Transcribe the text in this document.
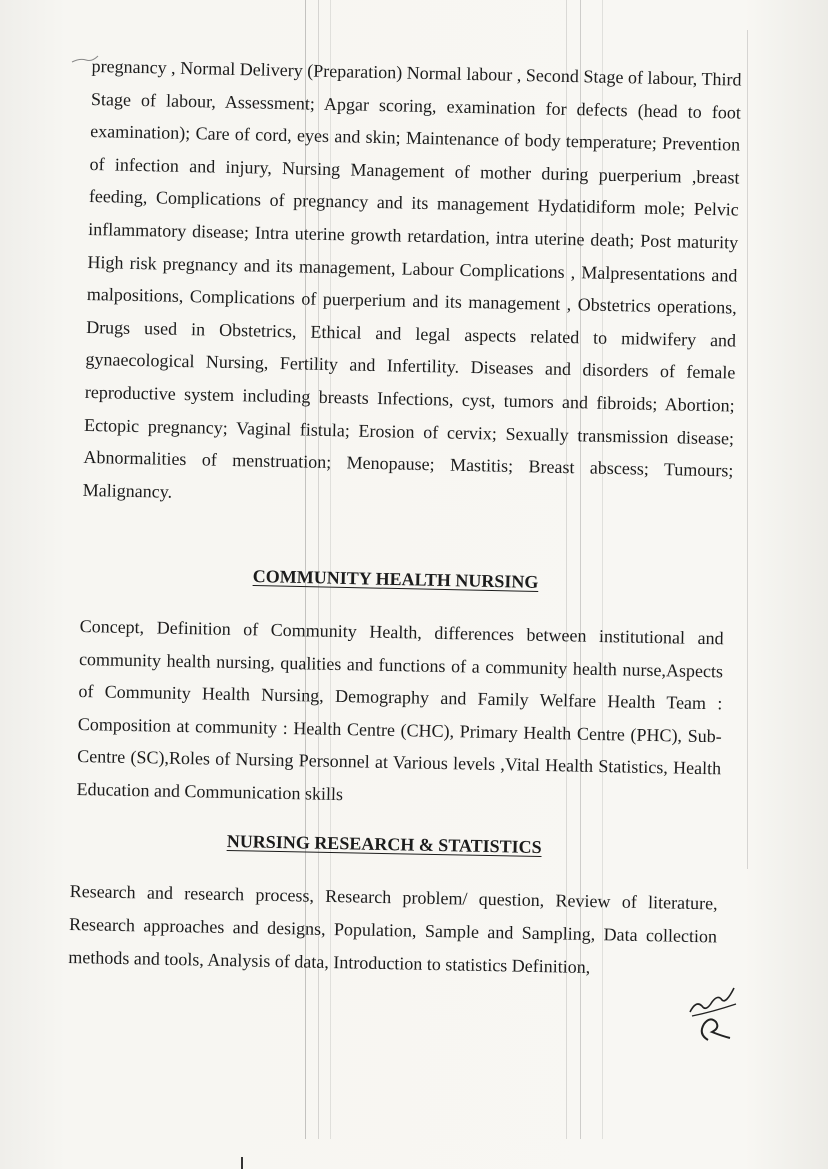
pregnancy , Normal Delivery (Preparation) Normal labour , Second Stage of labour, Third Stage of labour, Assessment; Apgar scoring, examination for defects (head to foot examination); Care of cord, eyes and skin; Maintenance of body temperature; Prevention of infection and injury, Nursing Management of mother during puerperium ,breast feeding, Complications of pregnancy and its management Hydatidiform mole; Pelvic inflammatory disease; Intra uterine growth retardation, intra uterine death; Post maturity High risk pregnancy and its management, Labour Complications , Malpresentations and malpositions, Complications of puerperium and its management , Obstetrics operations, Drugs used in Obstetrics, Ethical and legal aspects related to midwifery and gynaecological Nursing, Fertility and Infertility. Diseases and disorders of female reproductive system including breasts Infections, cyst, tumors and fibroids; Abortion; Ectopic pregnancy; Vaginal fistula; Erosion of cervix; Sexually transmission disease; Abnormalities of menstruation; Menopause; Mastitis; Breast abscess; Tumours; Malignancy.

COMMUNITY HEALTH NURSING

Concept, Definition of Community Health, differences between institutional and community health nursing, qualities and functions of a community health nurse,Aspects of Community Health Nursing, Demography and Family Welfare Health Team : Composition at community : Health Centre (CHC), Primary Health Centre (PHC), Sub-Centre (SC),Roles of Nursing Personnel at Various levels ,Vital Health Statistics, Health Education and Communication skills

NURSING RESEARCH & STATISTICS

Research and research process, Research problem/ question, Review of literature, Research approaches and designs, Population, Sample and Sampling, Data collection methods and tools, Analysis of data, Introduction to statistics Definition,
